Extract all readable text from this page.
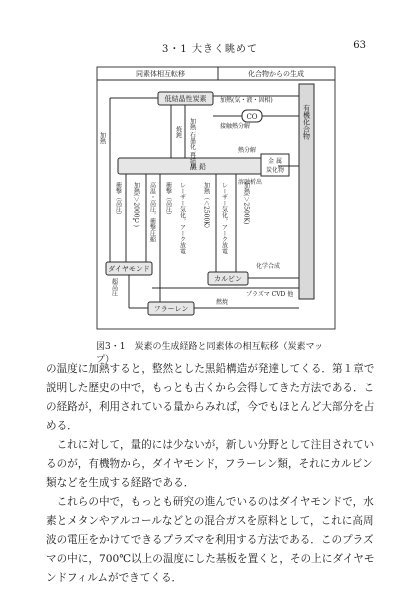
3・1 大きく眺めて	63
同素体相互転移	化合物からの生成
有機化合物
低結晶性炭素
黒 鉛
ダイヤモンド
カルビン
フラーレン
CO
金 属
炭化物
加熱(気・液・固相)
接触熱分解
加熱	焼鈍 加熱 石墨化 再結晶	熱分解
溶融析出
衝撃（高圧） 加熱(＞2000℃) 高温・高圧，衝撃圧縮 衝撃（高圧） レーザー気化，アーク放電	加熱（＜2500K） レーザー気化，アーク放電	加熱(＞2500K)
化学合成
超高圧	プラズマ CVD 他
燃焼
図3・1　炭素の生成経路と同素体の相互転移（炭素マップ）

の温度に加熱すると，整然とした黒鉛構造が発達してくる．第１章で説明した歴史の中で，もっとも古くから会得してきた方法である．この経路が，利用されている量からみれば，今でもほとんど大部分を占める．

これに対して，量的には少ないが，新しい分野として注目されているのが，有機物から，ダイヤモンド，フラーレン類，それにカルビン類などを生成する経路である．

これらの中で，もっとも研究の進んでいるのはダイヤモンドで，水素とメタンやアルコールなどとの混合ガスを原料として，これに高周波の電圧をかけてできるプラズマを利用する方法である．このプラズマの中に，700℃以上の温度にした基板を置くと，その上にダイヤモンドフィルムができてくる．
